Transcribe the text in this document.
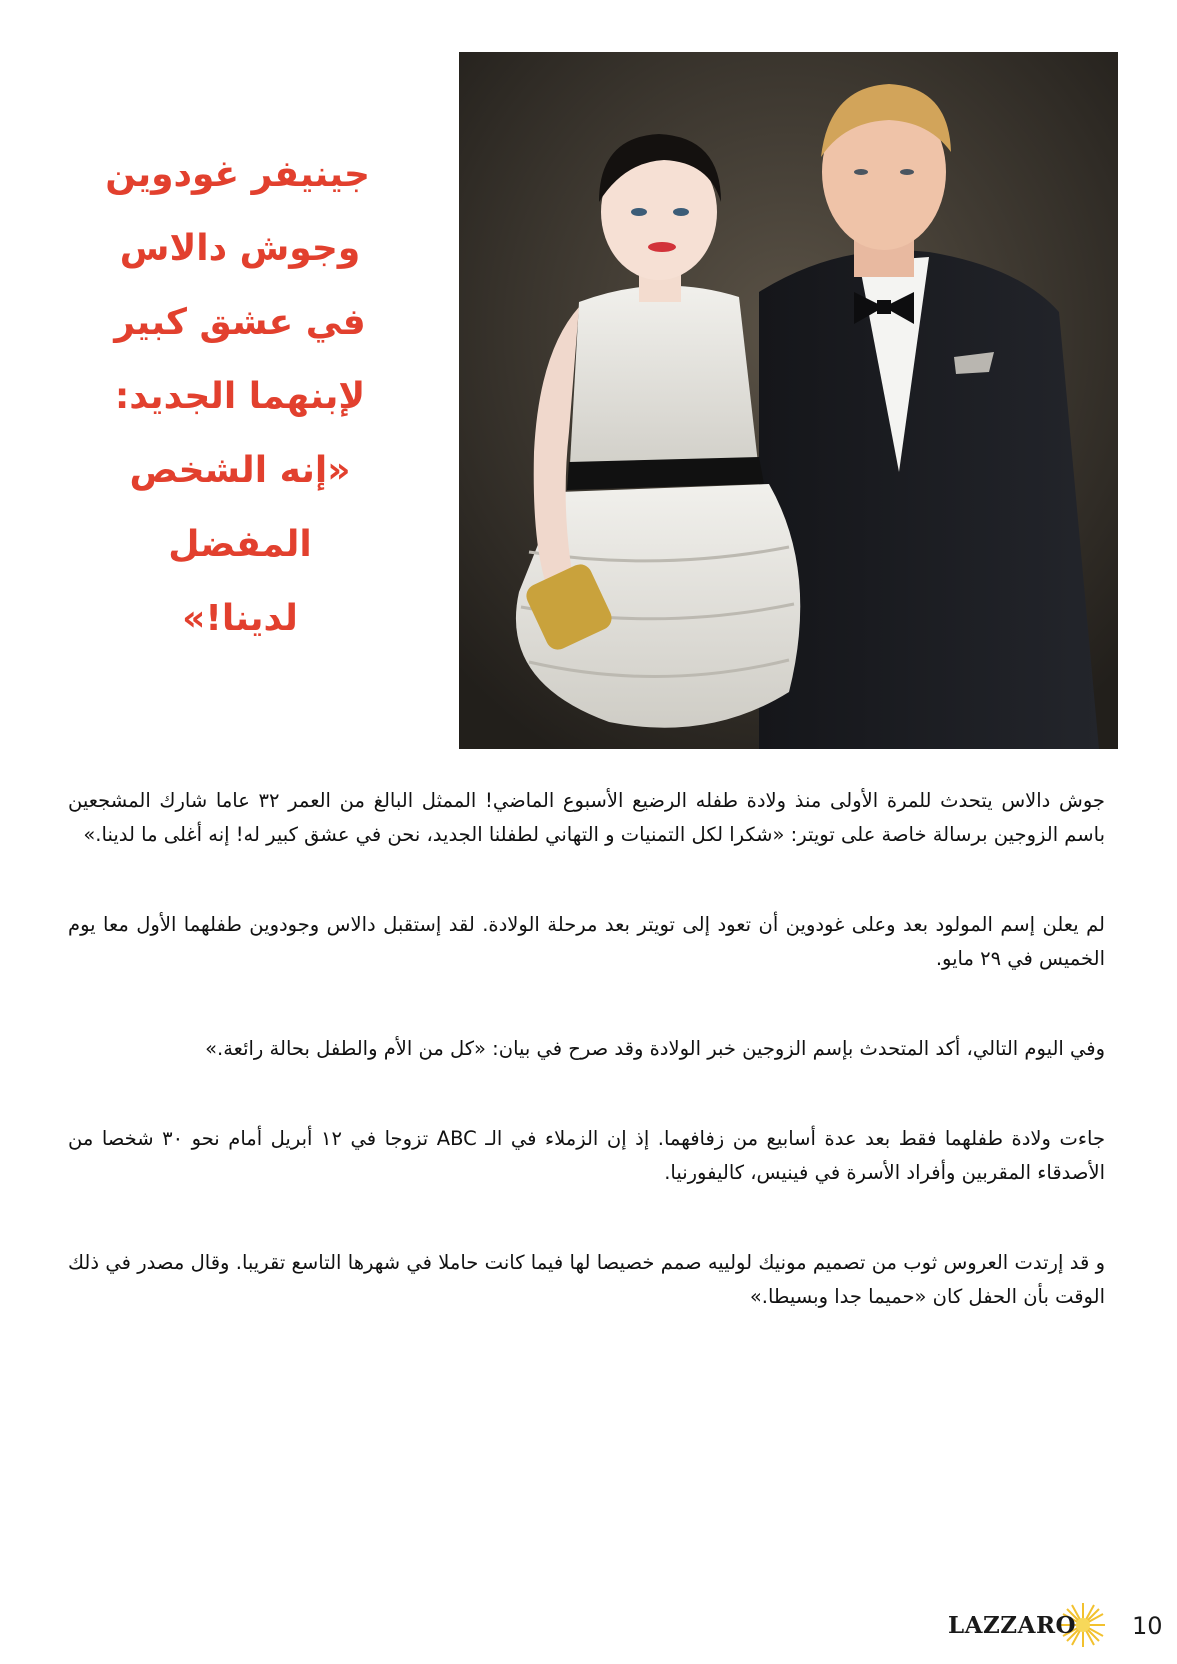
جينيفر غودوين
وجوش دالاس
في عشق كبير
لإبنهما الجديد:
«إنه الشخص
المفضل
لدينا!»

جوش دالاس يتحدث للمرة الأولى منذ ولادة طفله الرضيع الأسبوع الماضي! الممثل البالغ من العمر ٣٢ عاما شارك المشجعين باسم الزوجين برسالة خاصة على تويتر: «شكرا لكل التمنيات و التهاني لطفلنا الجديد، نحن في عشق كبير له! إنه أغلى ما لدينا.»

لم يعلن إسم المولود بعد وعلى غودوين أن تعود إلى تويتر بعد مرحلة الولادة. لقد إستقبل دالاس وجودوين طفلهما الأول معا يوم الخميس في ٢٩ مايو.

وفي اليوم التالي، أكد المتحدث بإسم الزوجين خبر الولادة وقد صرح في بيان: «كل من الأم والطفل بحالة رائعة.»

جاءت ولادة طفلهما فقط بعد عدة أسابيع من زفافهما. إذ إن الزملاء في الـ ABC تزوجا في ١٢ أبريل أمام نحو ٣٠ شخصا من الأصدقاء المقربين وأفراد الأسرة في فينيس، كاليفورنيا.

و قد إرتدت العروس ثوب من تصميم مونيك لولييه صمم خصيصا لها فيما كانت حاملا في شهرها التاسع تقريبا. وقال مصدر في ذلك الوقت بأن الحفل كان «حميما جدا وبسيطا.»

LAZZARO 10
